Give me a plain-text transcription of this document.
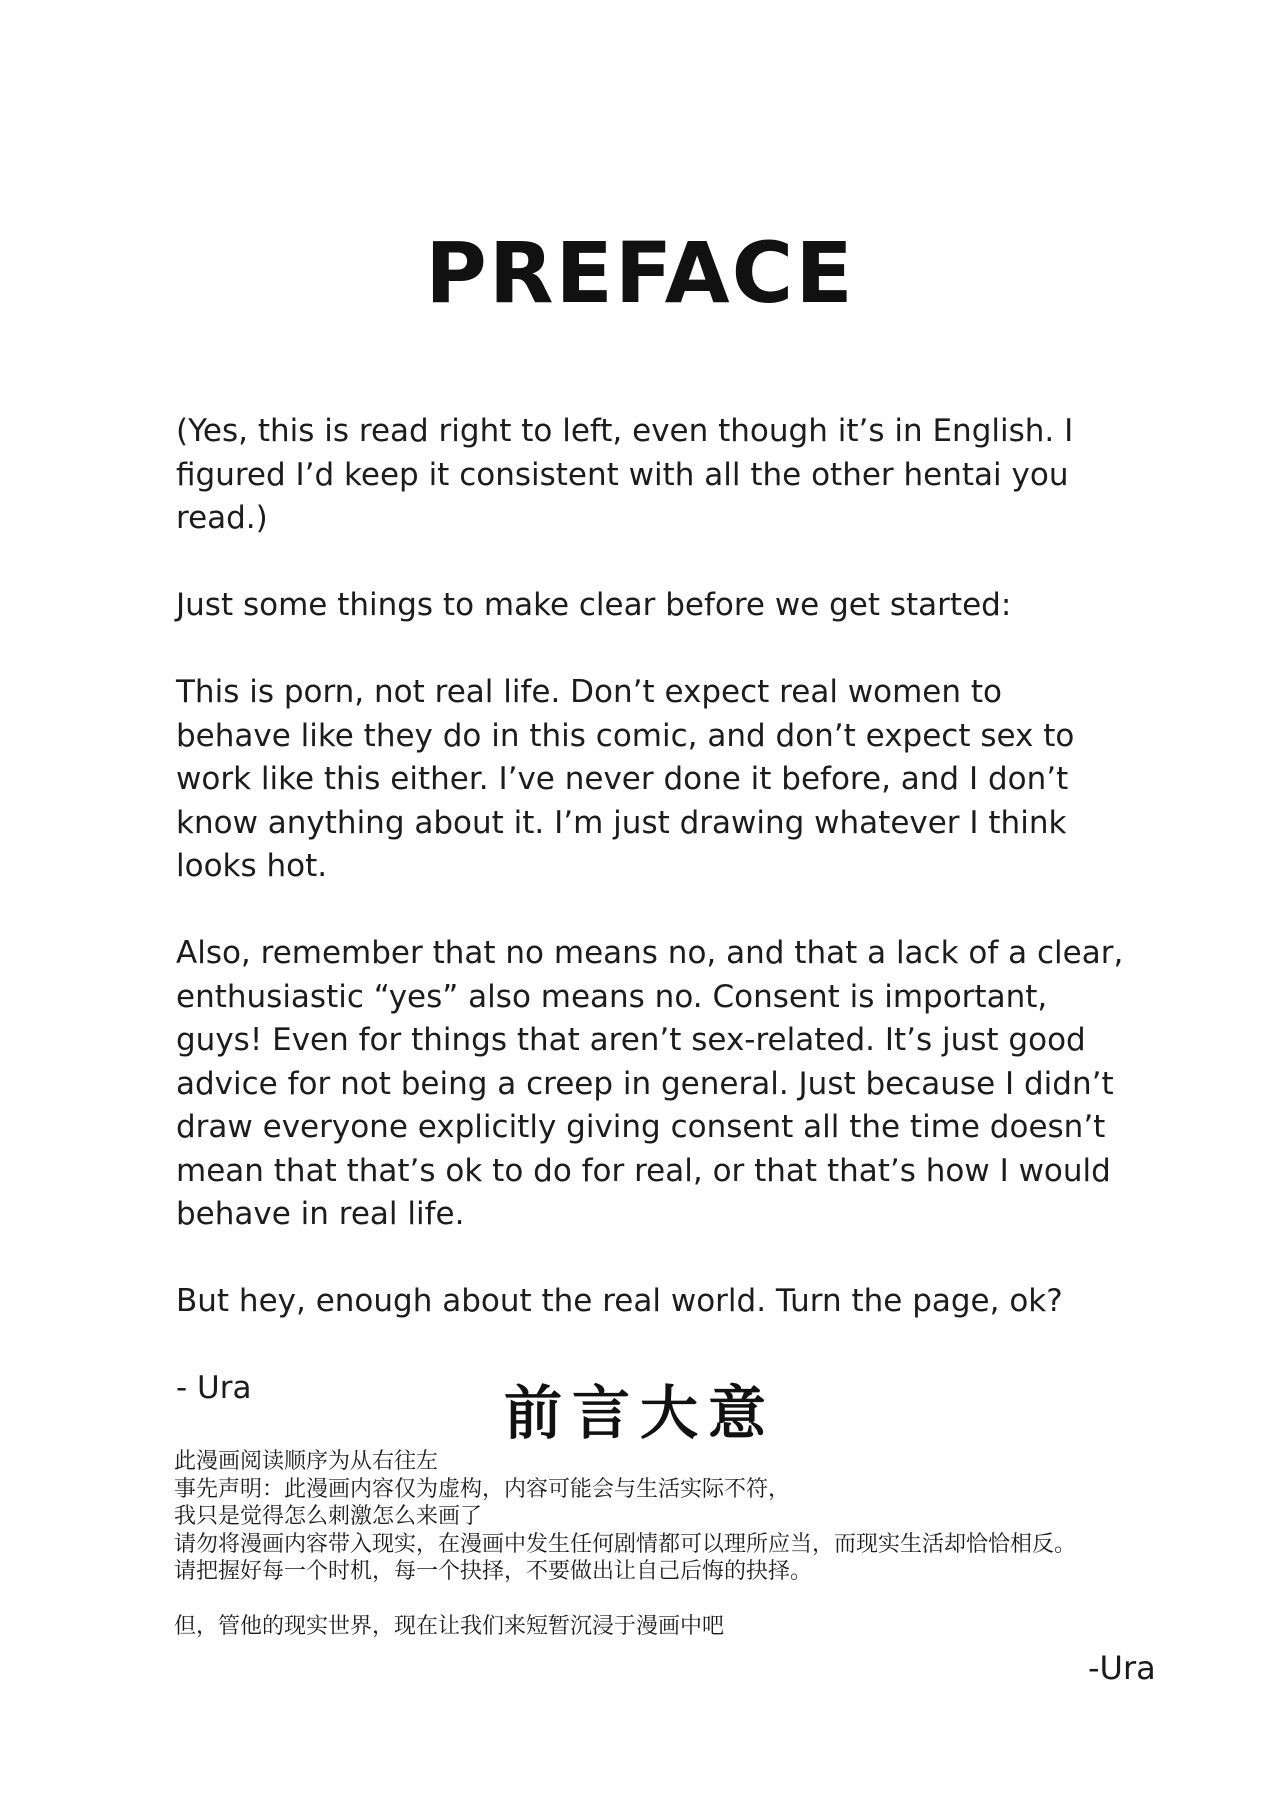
PREFACE

(Yes, this is read right to left, even though it’s in English. I figured I’d keep it consistent with all the other hentai you read.)

Just some things to make clear before we get started:

This is porn, not real life. Don’t expect real women to behave like they do in this comic, and don’t expect sex to work like this either. I’ve never done it before, and I don’t know anything about it. I’m just drawing whatever I think looks hot.

Also, remember that no means no, and that a lack of a clear, enthusiastic “yes” also means no. Consent is important, guys! Even for things that aren’t sex-related. It’s just good advice for not being a creep in general. Just because I didn’t draw everyone explicitly giving consent all the time doesn’t mean that that’s ok to do for real, or that that’s how I would behave in real life.

But hey, enough about the real world. Turn the page, ok?

- Ura	前言大意
此漫画阅读顺序为从右往左
事先声明：此漫画内容仅为虚构，内容可能会与生活实际不符，
我只是觉得怎么刺激怎么来画了
请勿将漫画内容带入现实，在漫画中发生任何剧情都可以理所应当，而现实生活却恰恰相反。
请把握好每一个时机，每一个抉择，不要做出让自己后悔的抉择。
但，管他的现实世界，现在让我们来短暂沉浸于漫画中吧
-Ura
